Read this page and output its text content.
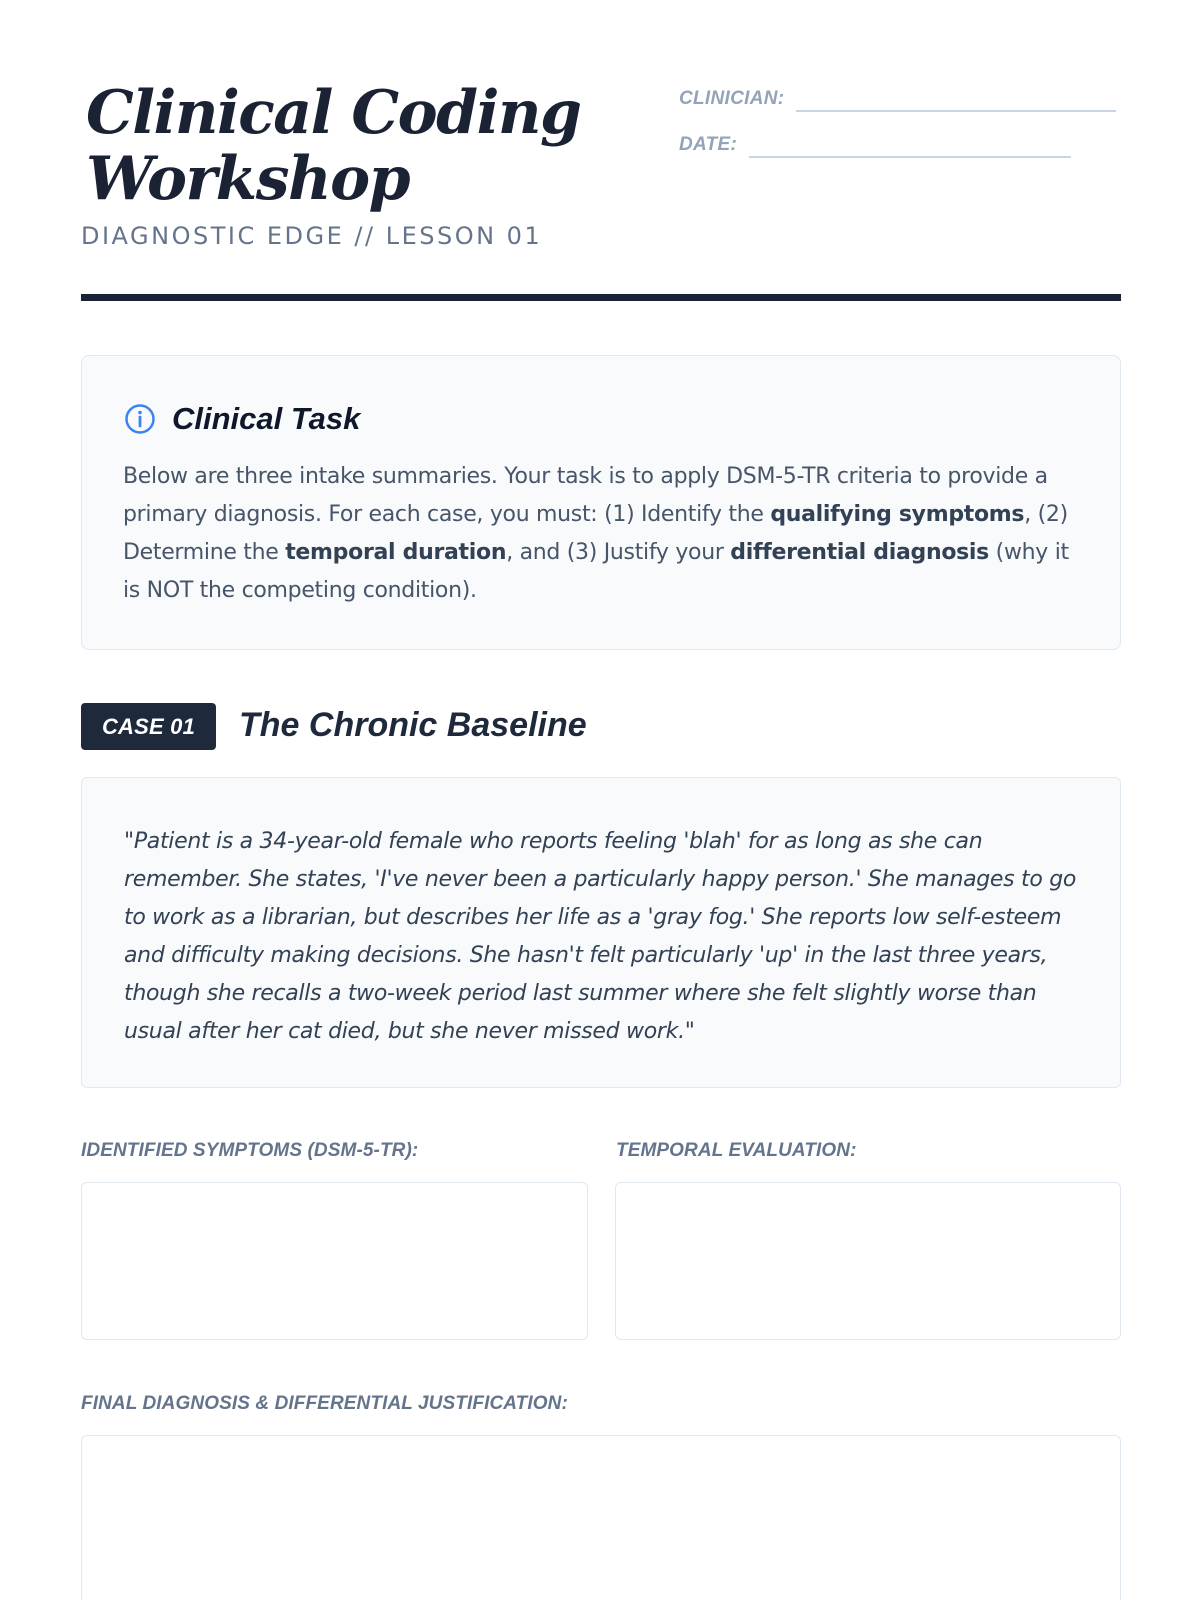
Clinical Coding
Workshop
DIAGNOSTIC EDGE // LESSON 01
CLINICIAN:
DATE:
Clinical Task

Below are three intake summaries. Your task is to apply DSM-5-TR criteria to provide a primary diagnosis. For each case, you must: (1) Identify the qualifying symptoms, (2) Determine the temporal duration, and (3) Justify your differential diagnosis (why it is NOT the competing condition).

CASE 01	The Chronic Baseline

"Patient is a 34-year-old female who reports feeling 'blah' for as long as she can remember. She states, 'I've never been a particularly happy person.' She manages to go to work as a librarian, but describes her life as a 'gray fog.' She reports low self-esteem and difficulty making decisions. She hasn't felt particularly 'up' in the last three years, though she recalls a two-week period last summer where she felt slightly worse than usual after her cat died, but she never missed work."

IDENTIFIED SYMPTOMS (DSM-5-TR):	TEMPORAL EVALUATION:
FINAL DIAGNOSIS & DIFFERENTIAL JUSTIFICATION:
